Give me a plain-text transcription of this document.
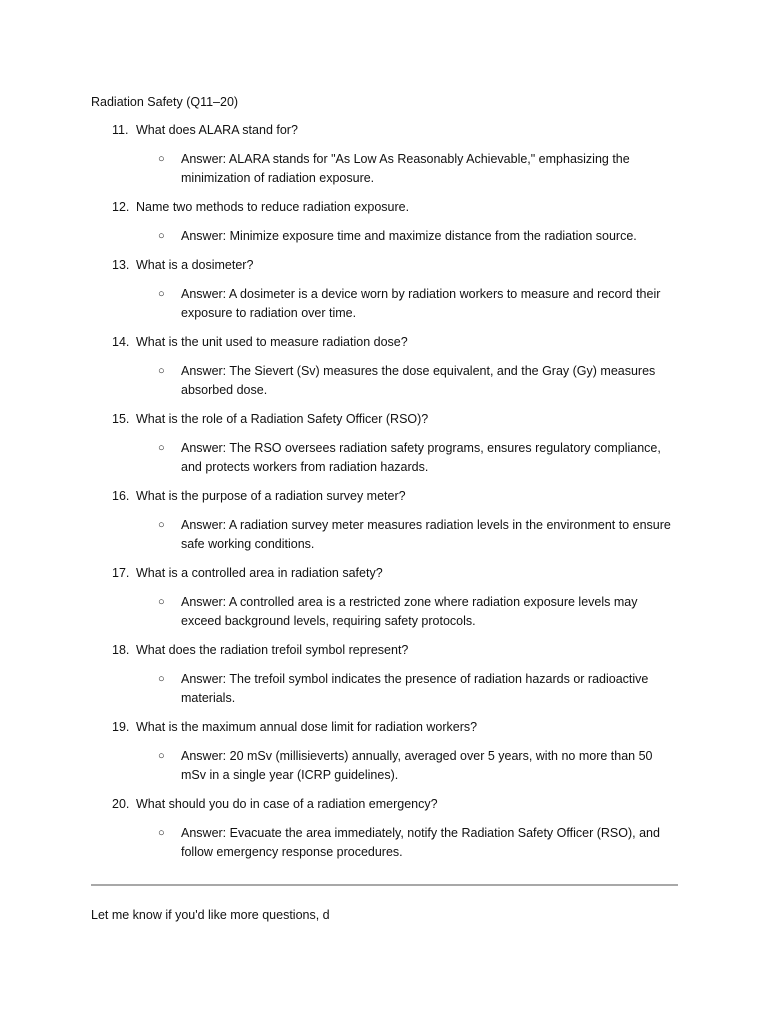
Radiation Safety (Q11–20)
11. What does ALARA stand for?
○ Answer: ALARA stands for "As Low As Reasonably Achievable," emphasizing the minimization of radiation exposure.
12. Name two methods to reduce radiation exposure.
○ Answer: Minimize exposure time and maximize distance from the radiation source.
13. What is a dosimeter?
○ Answer: A dosimeter is a device worn by radiation workers to measure and record their exposure to radiation over time.
14. What is the unit used to measure radiation dose?
○ Answer: The Sievert (Sv) measures the dose equivalent, and the Gray (Gy) measures absorbed dose.
15. What is the role of a Radiation Safety Officer (RSO)?
○ Answer: The RSO oversees radiation safety programs, ensures regulatory compliance, and protects workers from radiation hazards.
16. What is the purpose of a radiation survey meter?
○ Answer: A radiation survey meter measures radiation levels in the environment to ensure safe working conditions.
17. What is a controlled area in radiation safety?
○ Answer: A controlled area is a restricted zone where radiation exposure levels may exceed background levels, requiring safety protocols.
18. What does the radiation trefoil symbol represent?
○ Answer: The trefoil symbol indicates the presence of radiation hazards or radioactive materials.
19. What is the maximum annual dose limit for radiation workers?
○ Answer: 20 mSv (millisieverts) annually, averaged over 5 years, with no more than 50 mSv in a single year (ICRP guidelines).
20. What should you do in case of a radiation emergency?
○ Answer: Evacuate the area immediately, notify the Radiation Safety Officer (RSO), and follow emergency response procedures.
Let me know if you'd like more questions, d
